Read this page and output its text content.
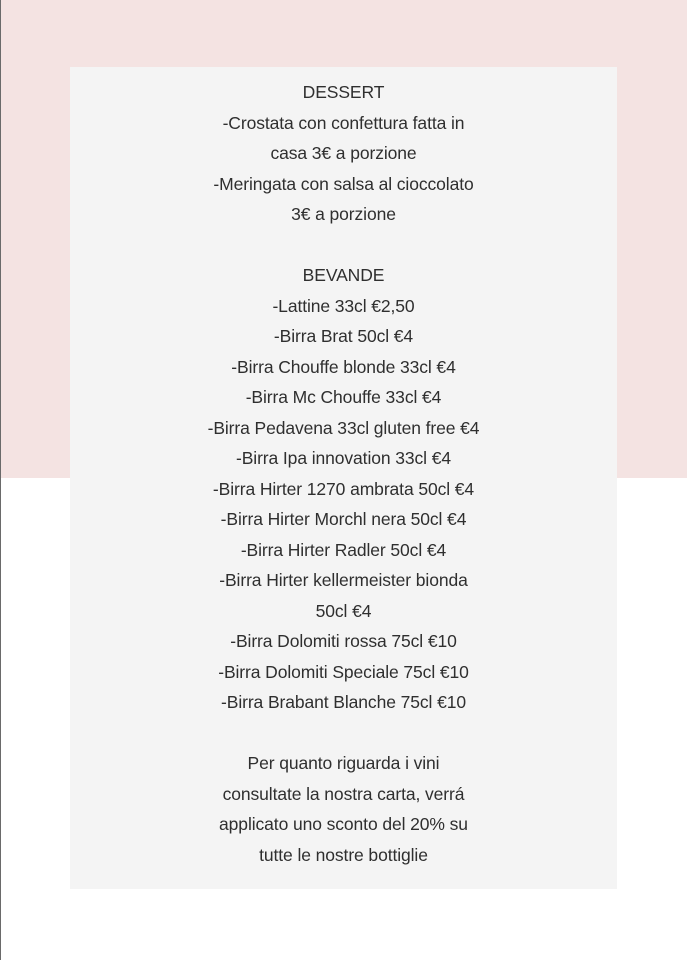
DESSERT
-Crostata con confettura fatta in
casa 3€ a porzione
-Meringata con salsa al cioccolato
3€ a porzione
BEVANDE
-Lattine 33cl €2,50
-Birra Brat 50cl €4
-Birra Chouffe blonde 33cl €4
-Birra Mc Chouffe 33cl €4
-Birra Pedavena 33cl gluten free €4
-Birra Ipa innovation 33cl €4
-Birra Hirter 1270 ambrata 50cl €4
-Birra Hirter Morchl nera 50cl €4
-Birra Hirter Radler 50cl €4
-Birra Hirter kellermeister bionda
50cl €4
-Birra Dolomiti rossa 75cl €10
-Birra Dolomiti Speciale 75cl €10
-Birra Brabant Blanche 75cl €10
Per quanto riguarda i vini
consultate la nostra carta, verrá
applicato uno sconto del 20% su
tutte le nostre bottiglie
